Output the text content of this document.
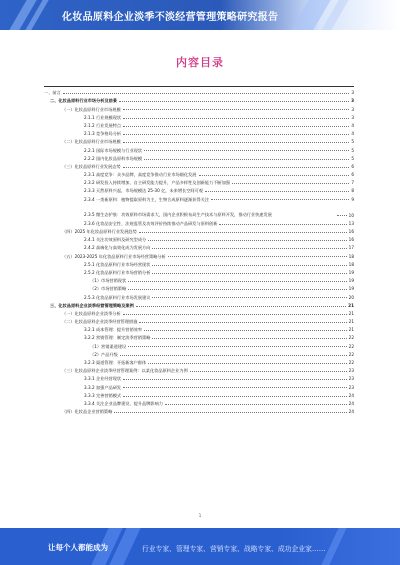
化妆品原料企业淡季不淡经营管理策略研究报告
内容目录
一、前言	3
二、化妆品原料行业市场分析及前景	3
（一）化妆品原料行业市场规模	3
2.1.1 行业规模现状	3
2.1.2 行业发展特点	4
2.1.3 竞争格局分析	4
（二）化妆品原料行业市场规模	5
2.2.1 国际市场规模与行业现状	5
2.2.2 国内化妆品原料市场规模	5
（三）化妆品原料行业发展态势	6
2.3.1 高度竞争：众多品牌，高度竞争推动行业市场细化发展	6
2.3.2 研发投入持续增加，自主研发能力提升，产品多样性及创新能力不断加强	7
2.3.3 天然原料兴起，市场规模达 25-30 亿，未来增长空间可观	8
2.3.4 一类新原料：植物提取原料为主，生物合成原料逐渐获得关注	9
2.3.5 微生态护肤：功效原料市场需求大，国内企业积极布局生产技术与原料开发，推动行业快速发展	10
2.3.6 化妆品安全性、法规监管及功效评价持续推动产品研发与原料创新	13
（四）2025 年化妆品原料行业发展趋势	16
2.4.1 关注功效原料及研究型成分	16
2.4.2 高端化与高效化成为发展方向	17
（五）2023-2025 年化妆品原料行业市场经营策略分析	18
2.5.1 化妆品原料行业市场经营现状	18
2.5.2 化妆品原料行业市场营销分析	19
（1）市场营销现状	19
（2）市场营销策略	19
2.5.3 化妆品原料行业市场发展建议	20
三、化妆品原料企业淡季经营管理策略及案例	21
（一）化妆品原料企业淡季分析	21
（二）化妆品原料企业淡季经营管理措施	21
3.2.1 成本管理：提升营销效率	21
3.2.2 营销管理：制定淡季营销策略	22
（1）营销渠道建设	22
（2）产品升级	22
3.2.3 渠道管理：开拓新客户群体	22
（三）化妆品原料企业淡季经营管理案例：以某化妆品原料企业为例	23
3.3.1 企业经营现状	23
3.3.2 加强产品研发	23
3.3.3 完善营销模式	24
3.3.4 关注企业品牌建设，提升品牌影响力	24
（四）化妆品企业营销策略	24
1
让每个人都能成为	行业专家、管理专家、营销专家、战略专家、成功企业家……
